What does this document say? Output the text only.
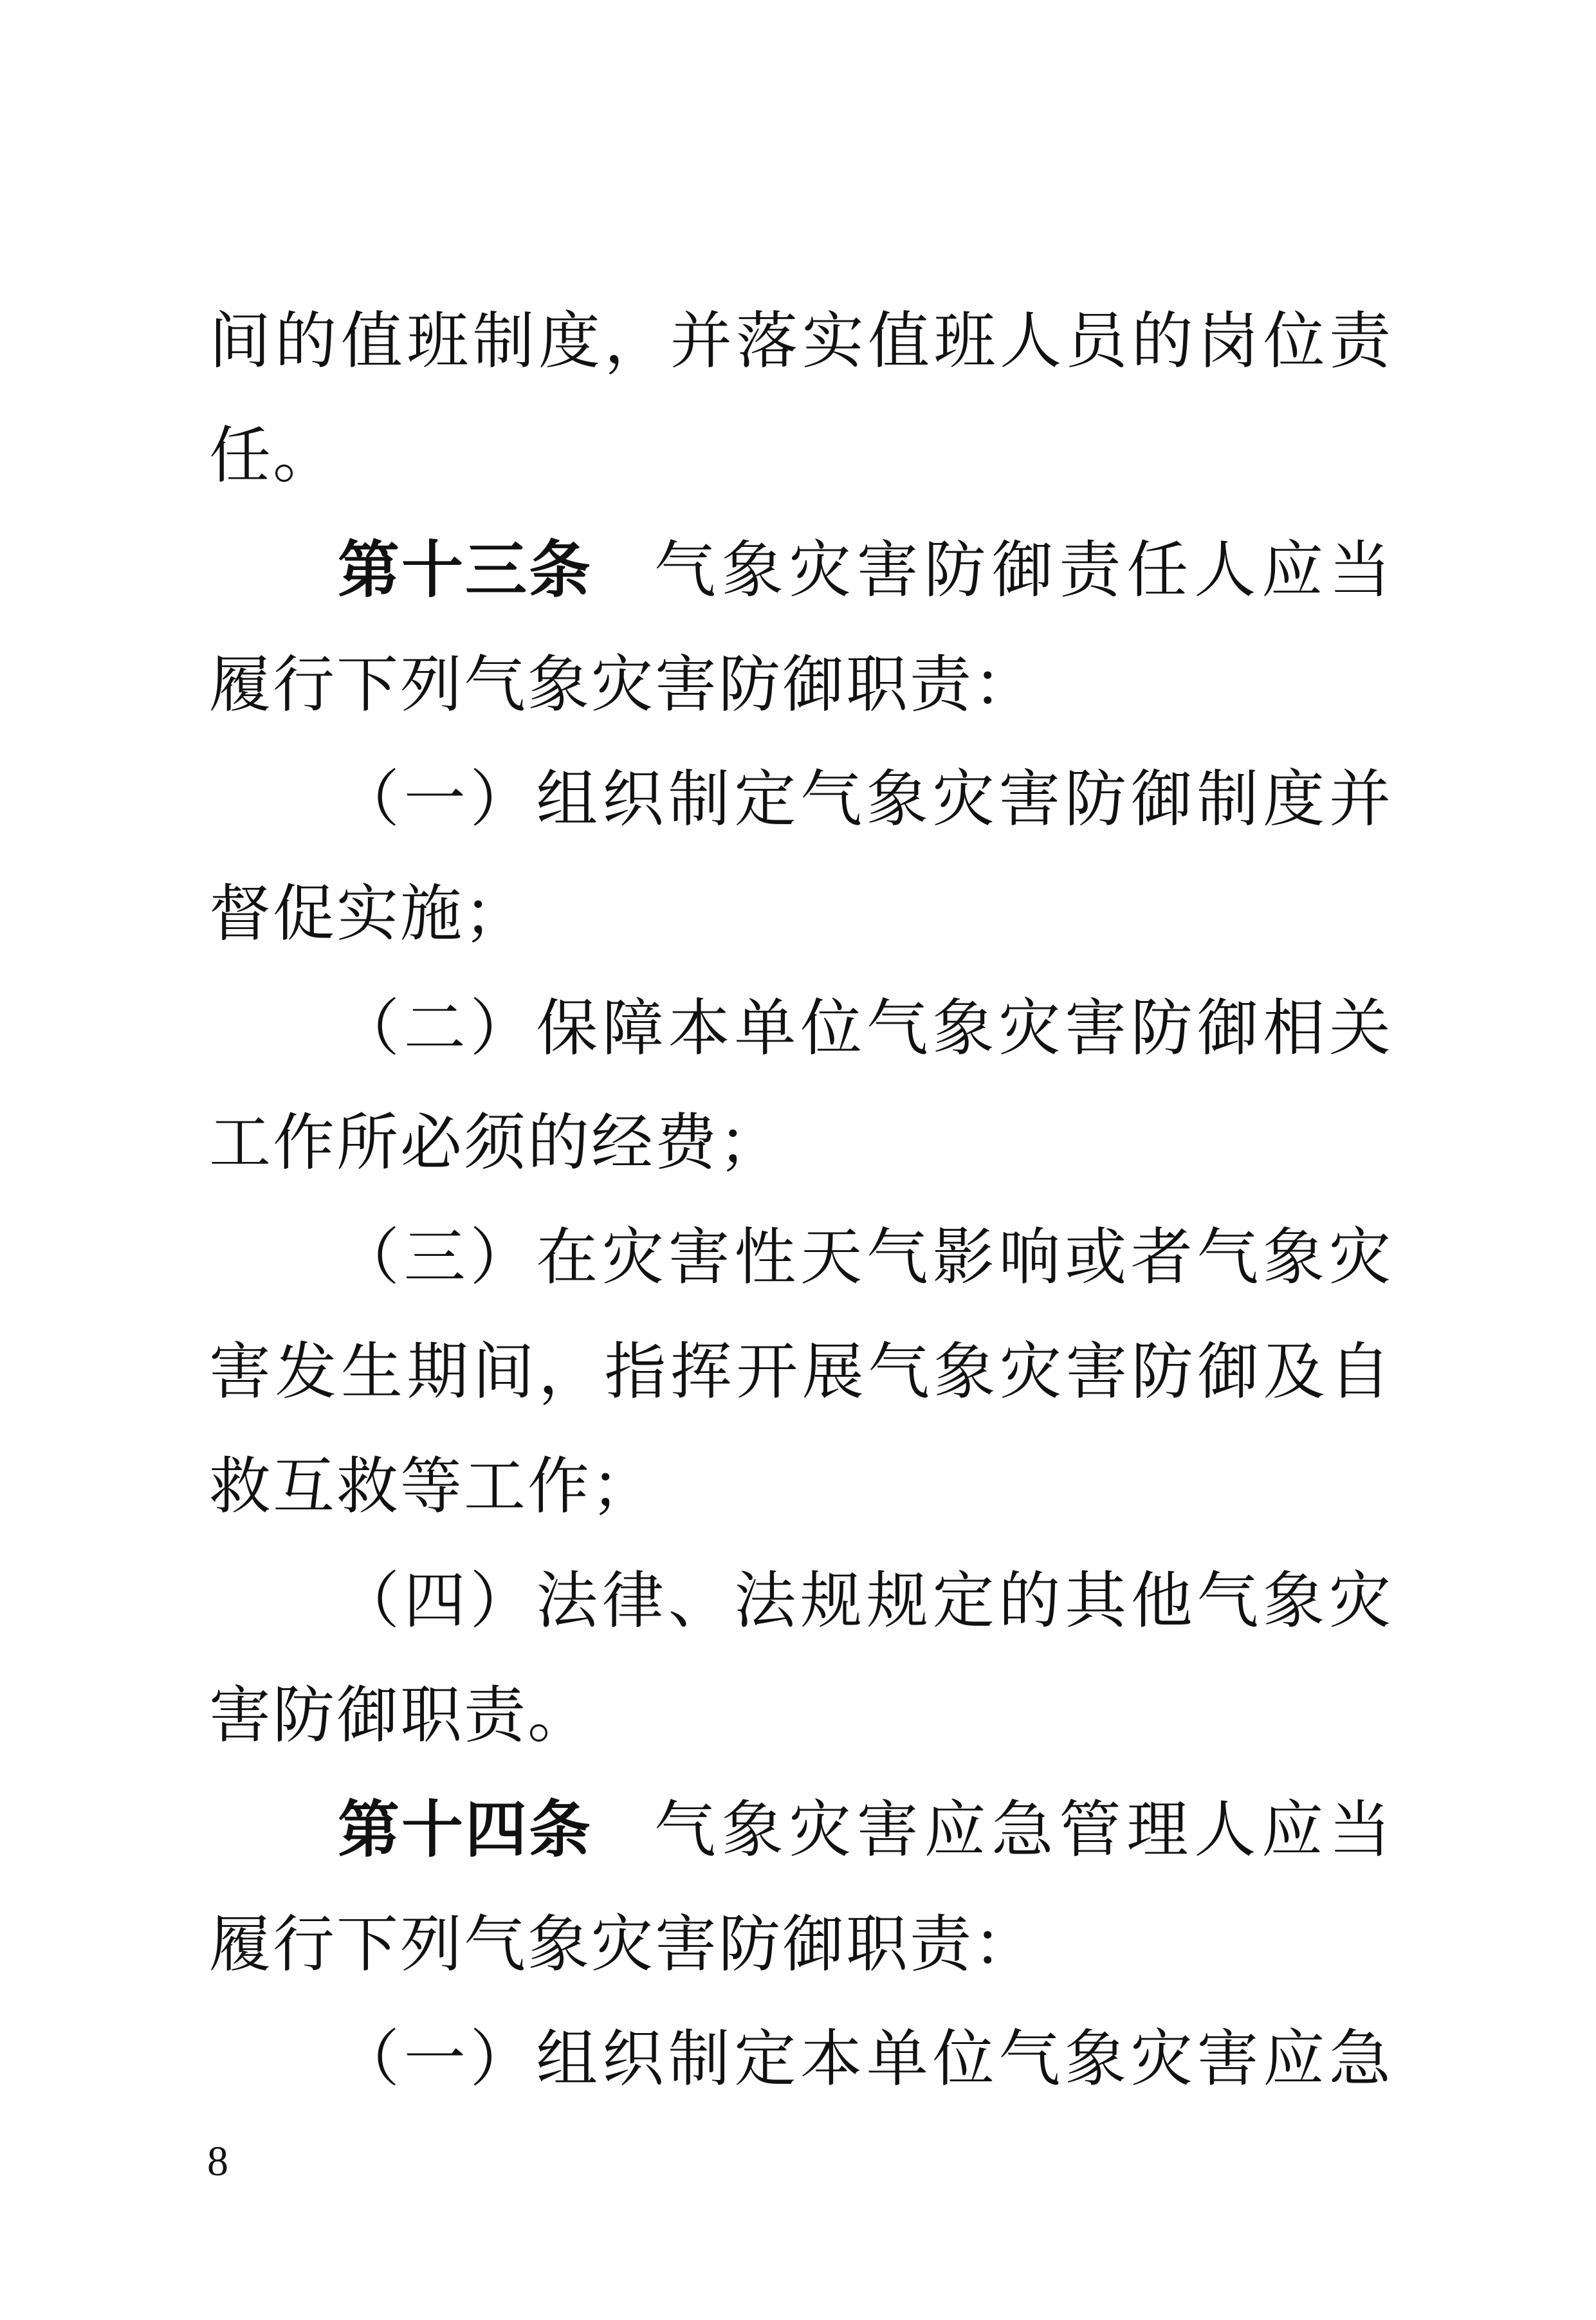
间的值班制度，并落实值班人员的岗位责
任。
第十三条 气象灾害防御责任人应当
履行下列气象灾害防御职责：
（一）组织制定气象灾害防御制度并
督促实施；
（二）保障本单位气象灾害防御相关
工作所必须的经费；
（三）在灾害性天气影响或者气象灾
害发生期间，指挥开展气象灾害防御及自
救互救等工作；
（四）法律、法规规定的其他气象灾
害防御职责。
第十四条 气象灾害应急管理人应当
履行下列气象灾害防御职责：
（一）组织制定本单位气象灾害应急
8
